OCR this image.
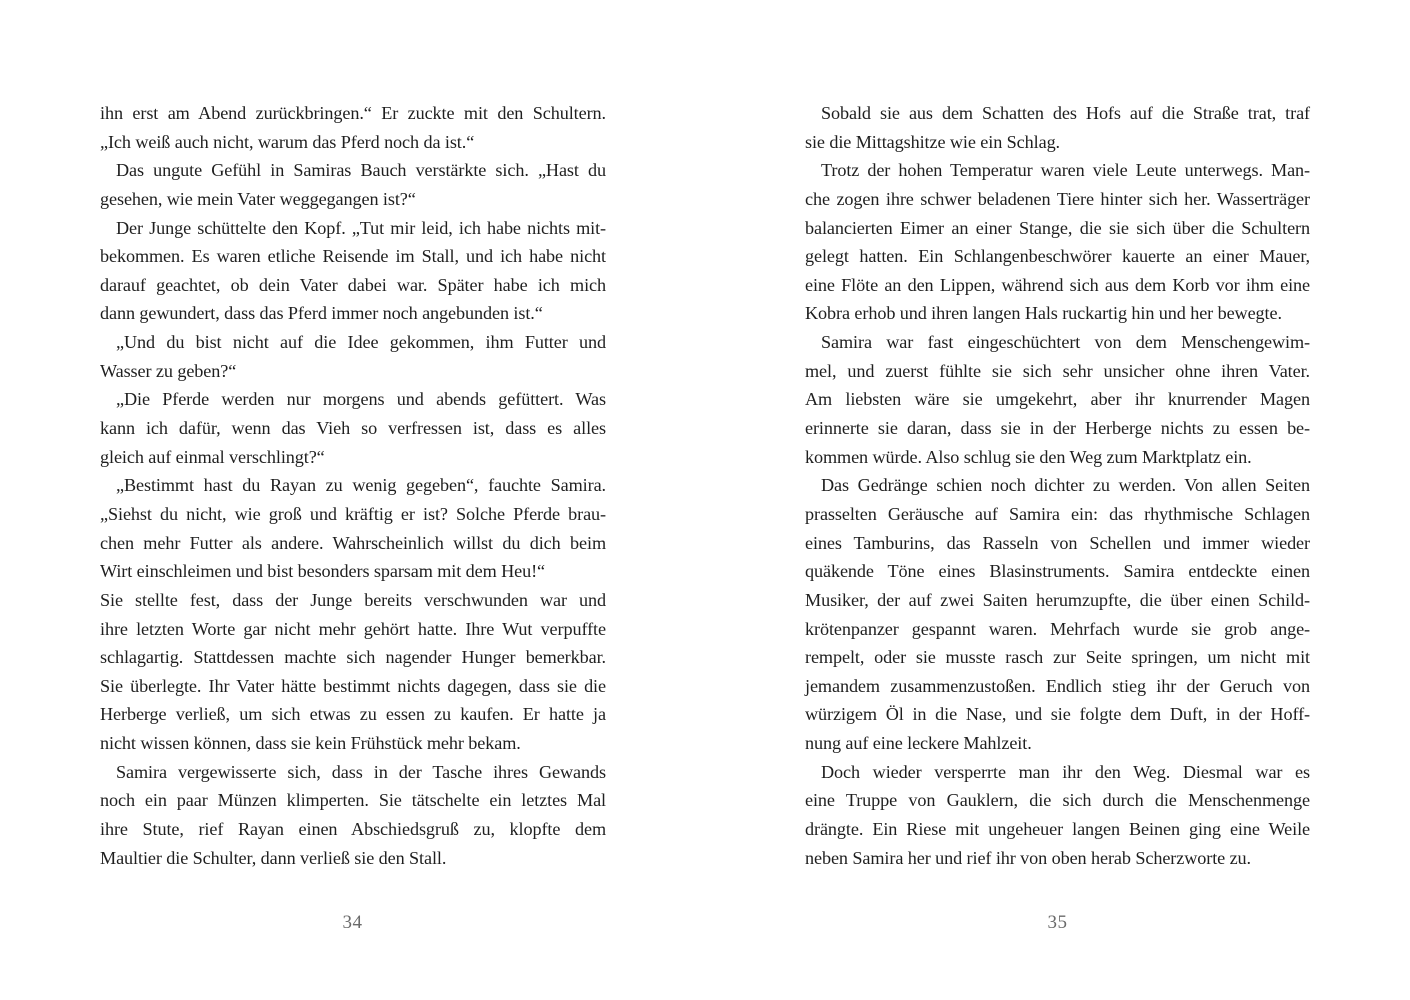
ihn erst am Abend zurückbringen.“ Er zuckte mit den Schultern.
„Ich weiß auch nicht, warum das Pferd noch da ist.“
Das ungute Gefühl in Samiras Bauch verstärkte sich. „Hast du
gesehen, wie mein Vater weggegangen ist?“
Der Junge schüttelte den Kopf. „Tut mir leid, ich habe nichts mit-
bekommen. Es waren etliche Reisende im Stall, und ich habe nicht
darauf geachtet, ob dein Vater dabei war. Später habe ich mich
dann gewundert, dass das Pferd immer noch angebunden ist.“
„Und du bist nicht auf die Idee gekommen, ihm Futter und
Wasser zu geben?“
„Die Pferde werden nur morgens und abends gefüttert. Was
kann ich dafür, wenn das Vieh so verfressen ist, dass es alles
gleich auf einmal verschlingt?“
„Bestimmt hast du Rayan zu wenig gegeben“, fauchte Samira.
„Siehst du nicht, wie groß und kräftig er ist? Solche Pferde brau-
chen mehr Futter als andere. Wahrscheinlich willst du dich beim
Wirt einschleimen und bist besonders sparsam mit dem Heu!“
Sie stellte fest, dass der Junge bereits verschwunden war und
ihre letzten Worte gar nicht mehr gehört hatte. Ihre Wut verpuffte
schlagartig. Stattdessen machte sich nagender Hunger bemerkbar.
Sie überlegte. Ihr Vater hätte bestimmt nichts dagegen, dass sie die
Herberge verließ, um sich etwas zu essen zu kaufen. Er hatte ja
nicht wissen können, dass sie kein Frühstück mehr bekam.
Samira vergewisserte sich, dass in der Tasche ihres Gewands
noch ein paar Münzen klimperten. Sie tätschelte ein letztes Mal
ihre Stute, rief Rayan einen Abschiedsgruß zu, klopfte dem
Maultier die Schulter, dann verließ sie den Stall.
34
Sobald sie aus dem Schatten des Hofs auf die Straße trat, traf
sie die Mittagshitze wie ein Schlag.
Trotz der hohen Temperatur waren viele Leute unterwegs. Man-
che zogen ihre schwer beladenen Tiere hinter sich her. Wasserträger
balancierten Eimer an einer Stange, die sie sich über die Schultern
gelegt hatten. Ein Schlangenbeschwörer kauerte an einer Mauer,
eine Flöte an den Lippen, während sich aus dem Korb vor ihm eine
Kobra erhob und ihren langen Hals ruckartig hin und her bewegte.
Samira war fast eingeschüchtert von dem Menschengewim-
mel, und zuerst fühlte sie sich sehr unsicher ohne ihren Vater.
Am liebsten wäre sie umgekehrt, aber ihr knurrender Magen
erinnerte sie daran, dass sie in der Herberge nichts zu essen be-
kommen würde. Also schlug sie den Weg zum Marktplatz ein.
Das Gedränge schien noch dichter zu werden. Von allen Seiten
prasselten Geräusche auf Samira ein: das rhythmische Schlagen
eines Tamburins, das Rasseln von Schellen und immer wieder
quäkende Töne eines Blasinstruments. Samira entdeckte einen
Musiker, der auf zwei Saiten herumzupfte, die über einen Schild-
krötenpanzer gespannt waren. Mehrfach wurde sie grob ange-
rempelt, oder sie musste rasch zur Seite springen, um nicht mit
jemandem zusammenzustoßen. Endlich stieg ihr der Geruch von
würzigem Öl in die Nase, und sie folgte dem Duft, in der Hoff-
nung auf eine leckere Mahlzeit.
Doch wieder versperrte man ihr den Weg. Diesmal war es
eine Truppe von Gauklern, die sich durch die Menschenmenge
drängte. Ein Riese mit ungeheuer langen Beinen ging eine Weile
neben Samira her und rief ihr von oben herab Scherzworte zu.
35
